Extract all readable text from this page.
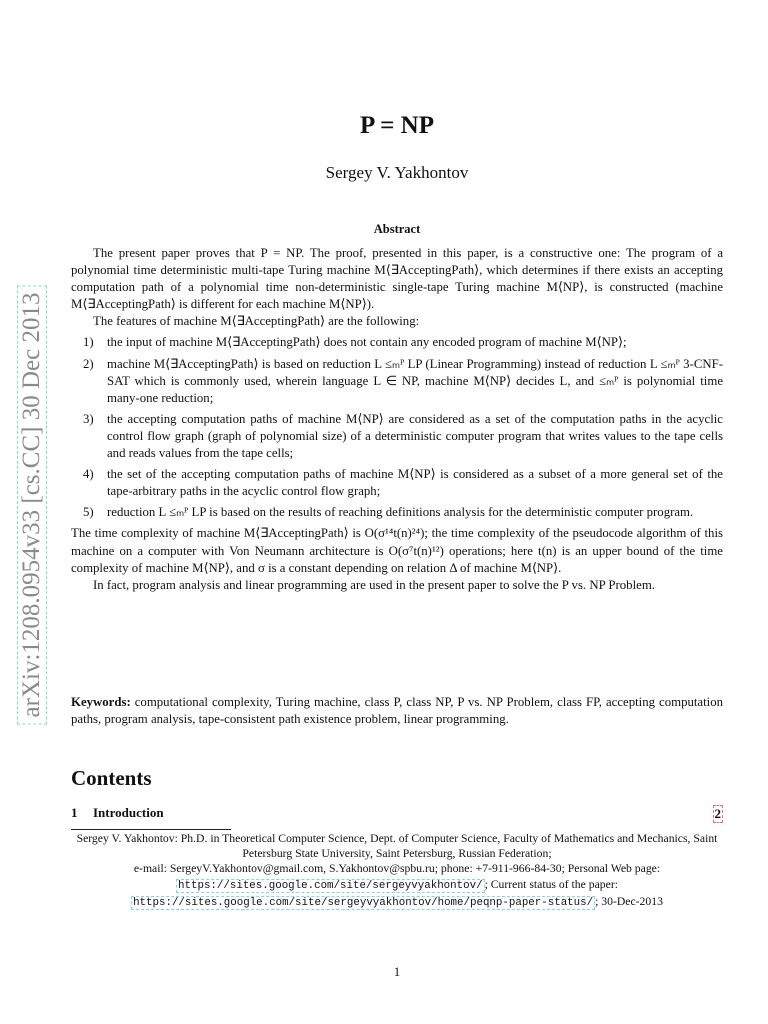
arXiv:1208.0954v33 [cs.CC] 30 Dec 2013
P = NP
Sergey V. Yakhontov
Abstract

The present paper proves that P = NP. The proof, presented in this paper, is a constructive one: The program of a polynomial time deterministic multi-tape Turing machine M⟨∃AcceptingPath⟩, which determines if there exists an accepting computation path of a polynomial time non-deterministic single-tape Turing machine M⟨NP⟩, is constructed (machine M⟨∃AcceptingPath⟩ is different for each machine M⟨NP⟩).

The features of machine M⟨∃AcceptingPath⟩ are the following:

1) the input of machine M⟨∃AcceptingPath⟩ does not contain any encoded program of machine M⟨NP⟩;
2) machine M⟨∃AcceptingPath⟩ is based on reduction L ≤ₘᴾ LP (Linear Programming) instead of reduction L ≤ₘᴾ 3-CNF-SAT which is commonly used, wherein language L ∈ NP, machine M⟨NP⟩ decides L, and ≤ₘᴾ is polynomial time many-one reduction;
3) the accepting computation paths of machine M⟨NP⟩ are considered as a set of the computation paths in the acyclic control flow graph (graph of polynomial size) of a deterministic computer program that writes values to the tape cells and reads values from the tape cells;
4) the set of the accepting computation paths of machine M⟨NP⟩ is considered as a subset of a more general set of the tape-arbitrary paths in the acyclic control flow graph;
5) reduction L ≤ₘᴾ LP is based on the results of reaching definitions analysis for the deterministic computer program.

The time complexity of machine M⟨∃AcceptingPath⟩ is O(σ¹⁴t(n)²⁴); the time complexity of the pseudocode algorithm of this machine on a computer with Von Neumann architecture is O(σ⁷t(n)¹²) operations; here t(n) is an upper bound of the time complexity of machine M⟨NP⟩, and σ is a constant depending on relation Δ of machine M⟨NP⟩.

In fact, program analysis and linear programming are used in the present paper to solve the P vs. NP Problem.

Keywords: computational complexity, Turing machine, class P, class NP, P vs. NP Problem, class FP, accepting computation paths, program analysis, tape-consistent path existence problem, linear programming.
Contents
1 Introduction	2
Sergey V. Yakhontov: Ph.D. in Theoretical Computer Science, Dept. of Computer Science, Faculty of Mathematics and Mechanics, Saint Petersburg State University, Saint Petersburg, Russian Federation;
e-mail: SergeyV.Yakhontov@gmail.com, S.Yakhontov@spbu.ru; phone: +7-911-966-84-30; Personal Web page:
https://sites.google.com/site/sergeyvyakhontov/ ; Current status of the paper:
https://sites.google.com/site/sergeyvyakhontov/home/peqnp-paper-status/ ; 30-Dec-2013
1
